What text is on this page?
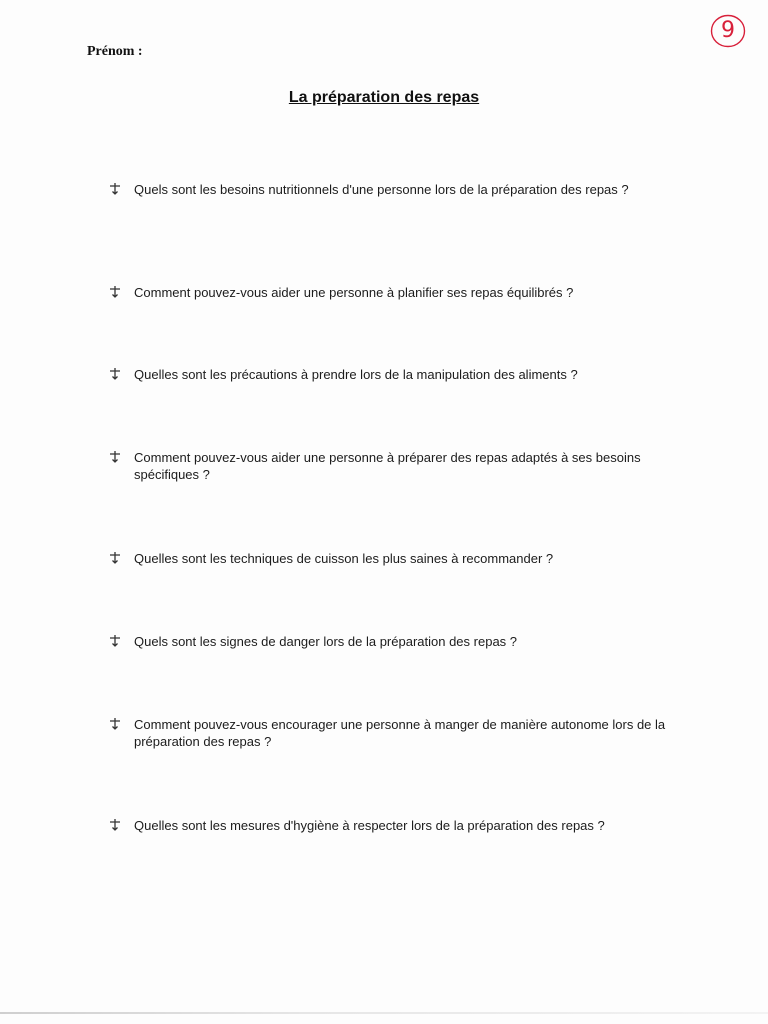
Prénom :
9
La préparation des repas
Quels sont les besoins nutritionnels d'une personne lors de la préparation des repas ?
Comment pouvez-vous aider une personne à planifier ses repas équilibrés ?
Quelles sont les précautions à prendre lors de la manipulation des aliments ?
Comment pouvez-vous aider une personne à préparer des repas adaptés à ses besoins spécifiques ?
Quelles sont les techniques de cuisson les plus saines à recommander ?
Quels sont les signes de danger lors de la préparation des repas ?
Comment pouvez-vous encourager une personne à manger de manière autonome lors de la préparation des repas ?
Quelles sont les mesures d'hygiène à respecter lors de la préparation des repas ?
